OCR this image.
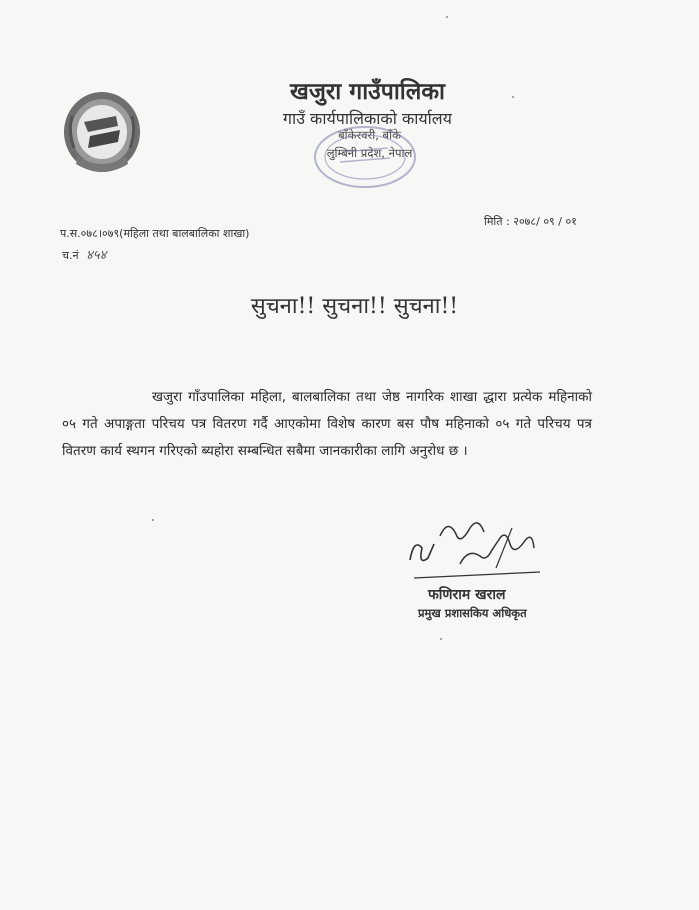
खजुरा गाउँपालिका
गाउँ कार्यपालिकाको कार्यालय
बाँकेरवरी, बाँके
लुम्बिनी प्रदेश, नेपाल
प.स.०७८।०७९(महिला तथा बालबालिका शाखा)
च.नं ४५४
मिति : २०७८/ ०९ / ०१
सुचना!! सुचना!! सुचना!!
खजुरा गाँउपालिका महिला, बालबालिका तथा जेष्ठ नागरिक शाखा द्धारा प्रत्येक महिनाको ०५ गते अपाङ्गता परिचय पत्र वितरण गर्दै आएकोमा विशेष कारण बस पौष महिनाको ०५ गते परिचय पत्र वितरण कार्य स्थगन गरिएको ब्यहोरा सम्बन्धित सबैमा जानकारीका लागि अनुरोध छ ।
फणिराम खराल
प्रमुख प्रशासकिय अधिकृत
